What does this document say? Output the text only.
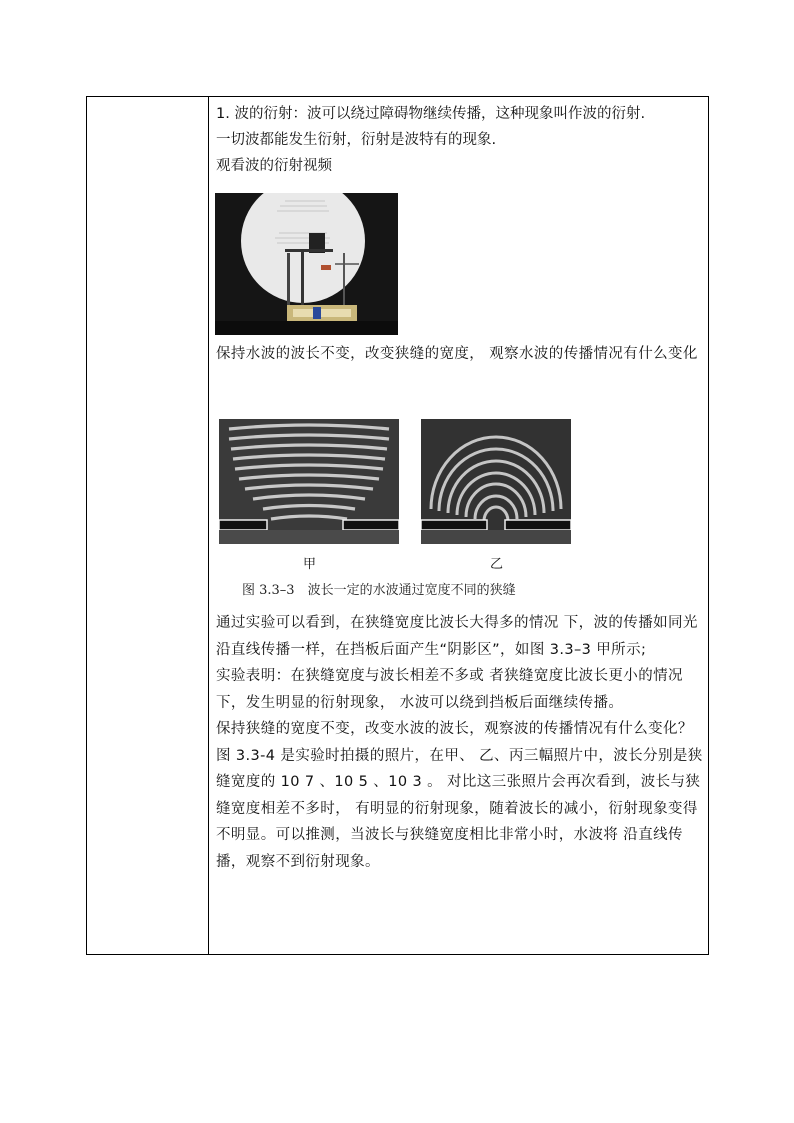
1. 波的衍射：波可以绕过障碍物继续传播，这种现象叫作波的衍射.
一切波都能发生衍射，衍射是波特有的现象.
观看波的衍射视频
保持水波的波长不变，改变狭缝的宽度， 观察水波的传播情况有什么变化
甲	乙
图 3.3–3　波长一定的水波通过宽度不同的狭缝
通过实验可以看到，在狭缝宽度比波长大得多的情况 下，波的传播如同光沿直线传播一样，在挡板后面产生“阴影区”，如图 3.3–3 甲所示;
实验表明：在狭缝宽度与波长相差不多或 者狭缝宽度比波长更小的情况下，发生明显的衍射现象， 水波可以绕到挡板后面继续传播。
保持狭缝的宽度不变，改变水波的波长，观察波的传播情况有什么变化？图 3.3-4 是实验时拍摄的照片，在甲、 乙、丙三幅照片中，波长分别是狭缝宽度的 10 7 、10 5 、10 3 。 对比这三张照片会再次看到，波长与狭缝宽度相差不多时， 有明显的衍射现象，随着波长的减小，衍射现象变得不明显。可以推测，当波长与狭缝宽度相比非常小时，水波将 沿直线传播，观察不到衍射现象。
